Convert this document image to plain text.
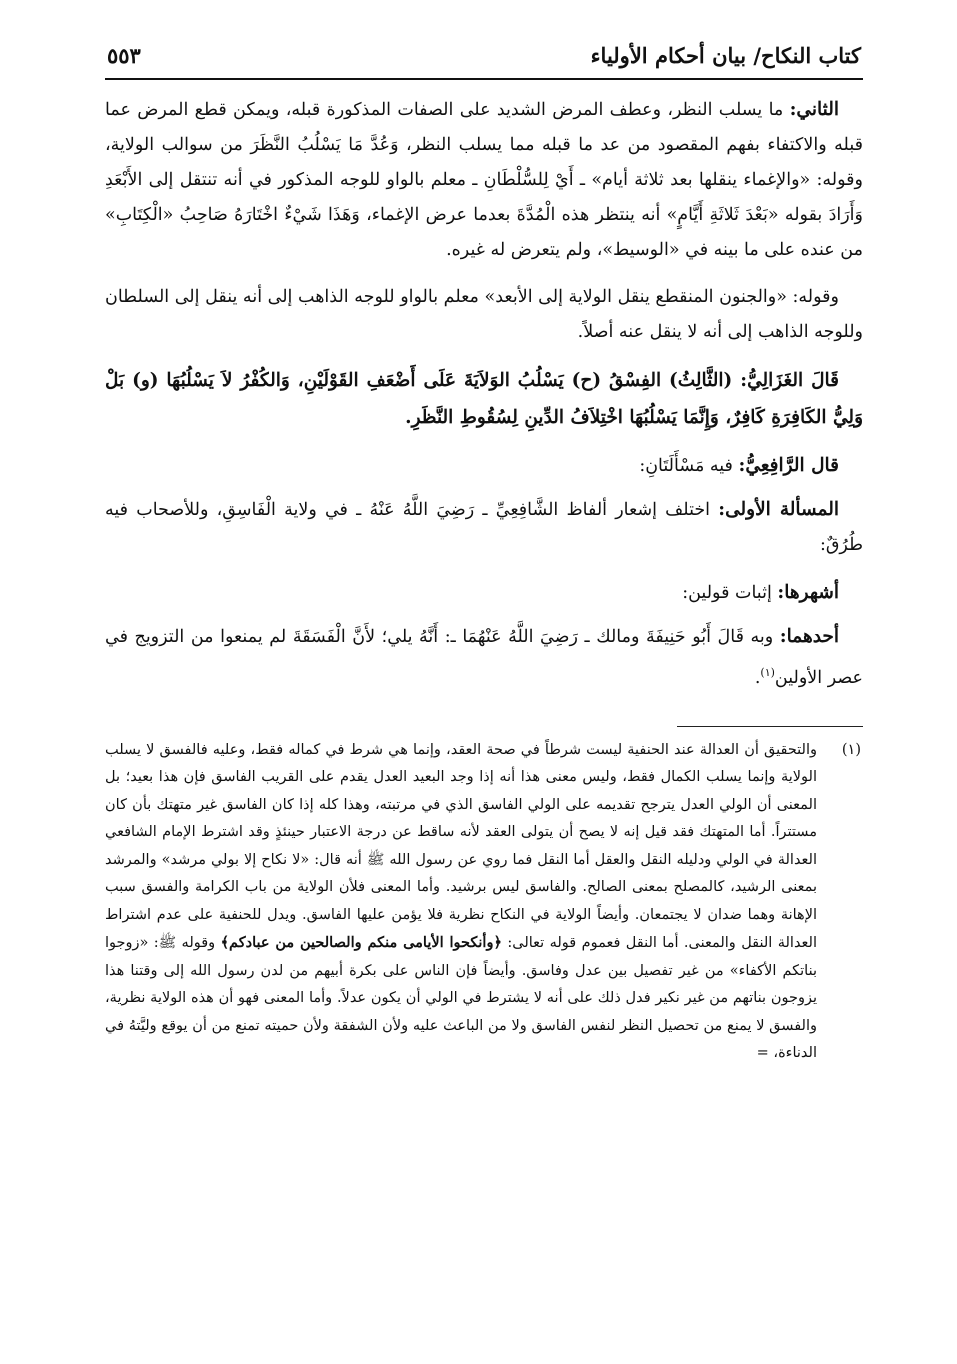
كتاب النكاح/ بيان أحكام الأولياء
٥٥٣

الثاني: ما يسلب النظر، وعطف المرض الشديد على الصفات المذكورة قبله، ويمكن قطع المرض عما قبله والاكتفاء بفهم المقصود من عد ما قبله مما يسلب النظر، وَعُدَّ مَا يَسْلُبُ النَّظَرَ من سوالب الولاية، وقوله: «والإغماء ينقلها بعد ثلاثة أيام» ـ أَيْ لِلسُّلْطَانِ ـ معلم بالواو للوجه المذكور في أنه تنتقل إلى الأَبْعَدِ وَأَرَادَ بقوله «بَعْدَ ثَلاثَةِ أَيَّامٍ» أنه ينتظر هذه الْمُدَّةَ بعدما عرض الإغماء، وَهَذَا شَيْءٌ اخْتَارَهُ صَاحِبُ «الْكِتَابِ» من عنده على ما بينه في «الوسيط»، ولم يتعرض له غيره.

وقوله: «والجنون المنقطع ينقل الولاية إلى الأبعد» معلم بالواو للوجه الذاهب إلى أنه ينقل إلى السلطان وللوجه الذاهب إلى أنه لا ينقل عنه أصلاً.

قَالَ الغَزَالِيُّ: (الثَّالِثُ) الفِسْقُ (ح) يَسْلُبُ الوَلاَيَةَ عَلَى أَضْعَفِ القَوْلَيْنِ، وَالكُفْرُ لاَ يَسْلُبُهَا (و) بَلْ وَلِيُّ الكَافِرَةِ كَافِرٌ، وَإِنَّمَا يَسْلُبُهَا اخْتِلاَفُ الدِّينِ لِسُقُوطِ النَّظَرِ.

قال الرَّافِعِيُّ: فيه مَسْأَلَتَانِ:

المسألة الأولى: اختلف إشعار ألفاظ الشَّافِعِيِّ ـ رَضِيَ اللَّهُ عَنْهُ ـ في ولاية الْفَاسِقِ، وللأصحاب فيه طُرُقٌ:

أشهرها: إثبات قولين:

أحدهما: وبه قَالَ أَبُو حَنِيفَةَ ومالك ـ رَضِيَ اللَّهُ عَنْهُمَا ـ: أَنَّهُ يلي؛ لأَنَّ الْفَسَقَةَ لم يمنعوا من التزويج في عصر الأولين$^{(١)}$.

(١)

والتحقيق أن العدالة عند الحنفية ليست شرطاً في صحة العقد، وإنما هي شرط في كماله فقط، وعليه فالفسق لا يسلب الولاية وإنما يسلب الكمال فقط، وليس معنى هذا أنه إذا وجد البعيد العدل يقدم على القريب الفاسق فإن هذا بعيد؛ بل المعنى أن الولي العدل يترجح تقديمه على الولي الفاسق الذي في مرتبته، وهذا كله إذا كان الفاسق غير متهتك بأن كان مستتراً. أما المتهتك فقد قيل إنه لا يصح أن يتولى العقد لأنه ساقط عن درجة الاعتبار حينئذٍ وقد اشترط الإمام الشافعي العدالة في الولي ودليله النقل والعقل أما النقل فما روي عن رسول الله ﷺ أنه قال: «لا نكاح إلا بولي مرشد» والمرشد بمعنى الرشيد، كالمصلح بمعنى الصالح. والفاسق ليس برشيد. وأما المعنى فلأن الولاية من باب الكرامة والفسق سبب الإهانة وهما ضدان لا يجتمعان. وأيضاً الولاية في النكاح نظرية فلا يؤمن عليها الفاسق. ويدل للحنفية على عدم اشتراط العدالة النقل والمعنى. أما النقل فعموم قوله تعالى: ﴿وأنكحوا الأيامى منكم والصالحين من عبادكم﴾ وقوله ﷺ: «زوجوا بناتكم الأكفاء» من غير تفصيل بين عدل وفاسق. وأيضاً فإن الناس على بكرة أبيهم من لدن رسول الله إلى وقتنا هذا يزوجون بناتهم من غير نكير فدل ذلك على أنه لا يشترط في الولي أن يكون عدلاً. وأما المعنى فهو أن هذه الولاية نظرية، والفسق لا يمنع من تحصيل النظر لنفس الفاسق ولا من الباعث عليه ولأن الشفقة ولأن حميته تمنع من أن يوقع وليَّتهُ في الدناءة، =
